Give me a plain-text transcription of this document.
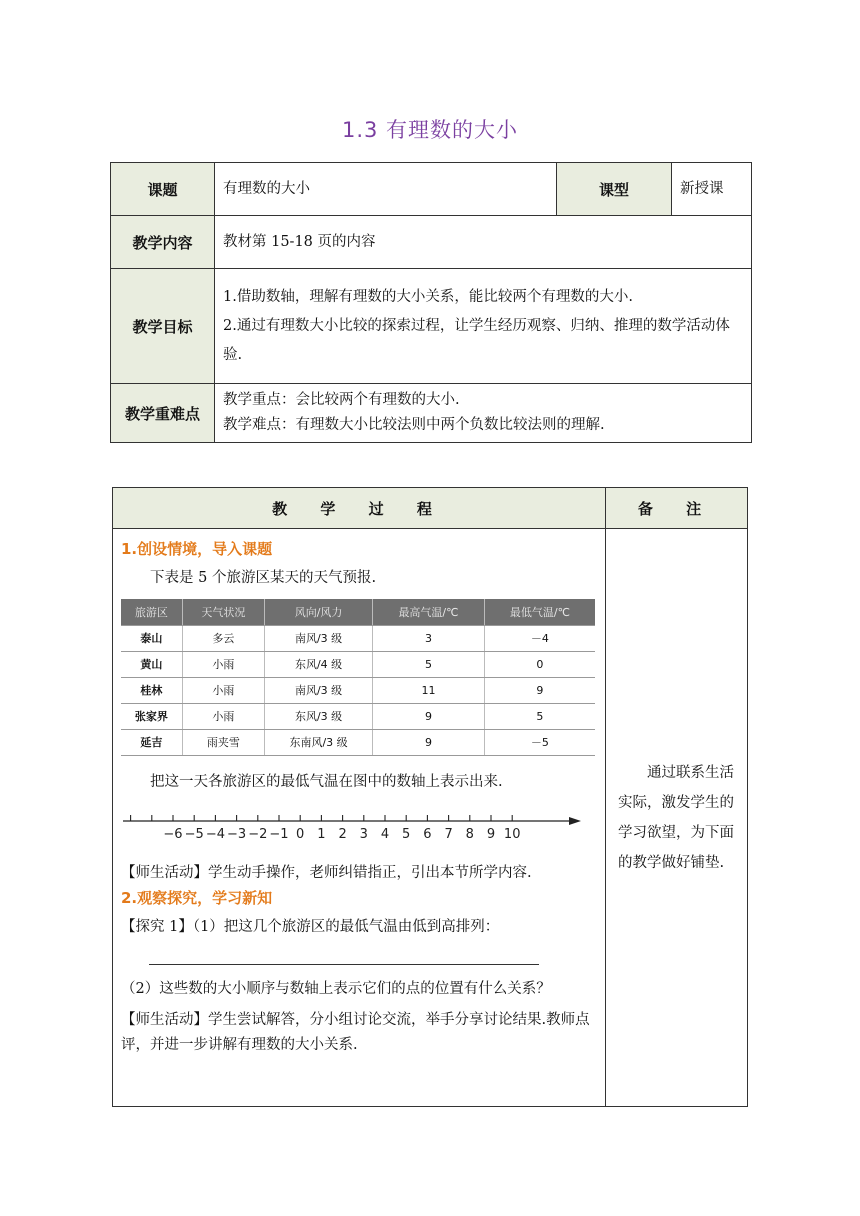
1.3 有理数的大小
课题	有理数的大小	课型	新授课
教学内容	教材第 15-18 页的内容		
教学目标	1.借助数轴，理解有理数的大小关系，能比较两个有理数的大小.

2.通过有理数大小比较的探索过程，让学生经历观察、归纳、推理的数学活动体验.		

教学重难点	教学重点：会比较两个有理数的大小.

教学难点：有理数大小比较法则中两个负数比较法则的理解.		

教 学 过 程	备 注

1.创设情境，导入课题

下表是 5 个旅游区某天的天气预报.

旅游区	天气状况	风向/风力	最高气温/℃	最低气温/℃
泰山	多云	南风/3 级	3	－4
黄山	小雨	东风/4 级	5	0
桂林	小雨	南风/3 级	11	9
张家界	小雨	东风/3 级	9	5
延吉	雨夹雪	东南风/3 级	9	－5

把这一天各旅游区的最低气温在图中的数轴上表示出来.

−6 −5 −4 −3 −2 −1 0 1 2 3 4 5 6 7 8 9 10

【师生活动】学生动手操作，老师纠错指正，引出本节所学内容.

2.观察探究，学习新知

【探究 1】（1）把这几个旅游区的最低气温由低到高排列：

（2）这些数的大小顺序与数轴上表示它们的点的位置有什么关系？

【师生活动】学生尝试解答，分小组讨论交流，举手分享讨论结果.教师点评，并进一步讲解有理数的大小关系.

通过联系生活实际，激发学生的学习欲望，为下面的教学做好铺垫.
